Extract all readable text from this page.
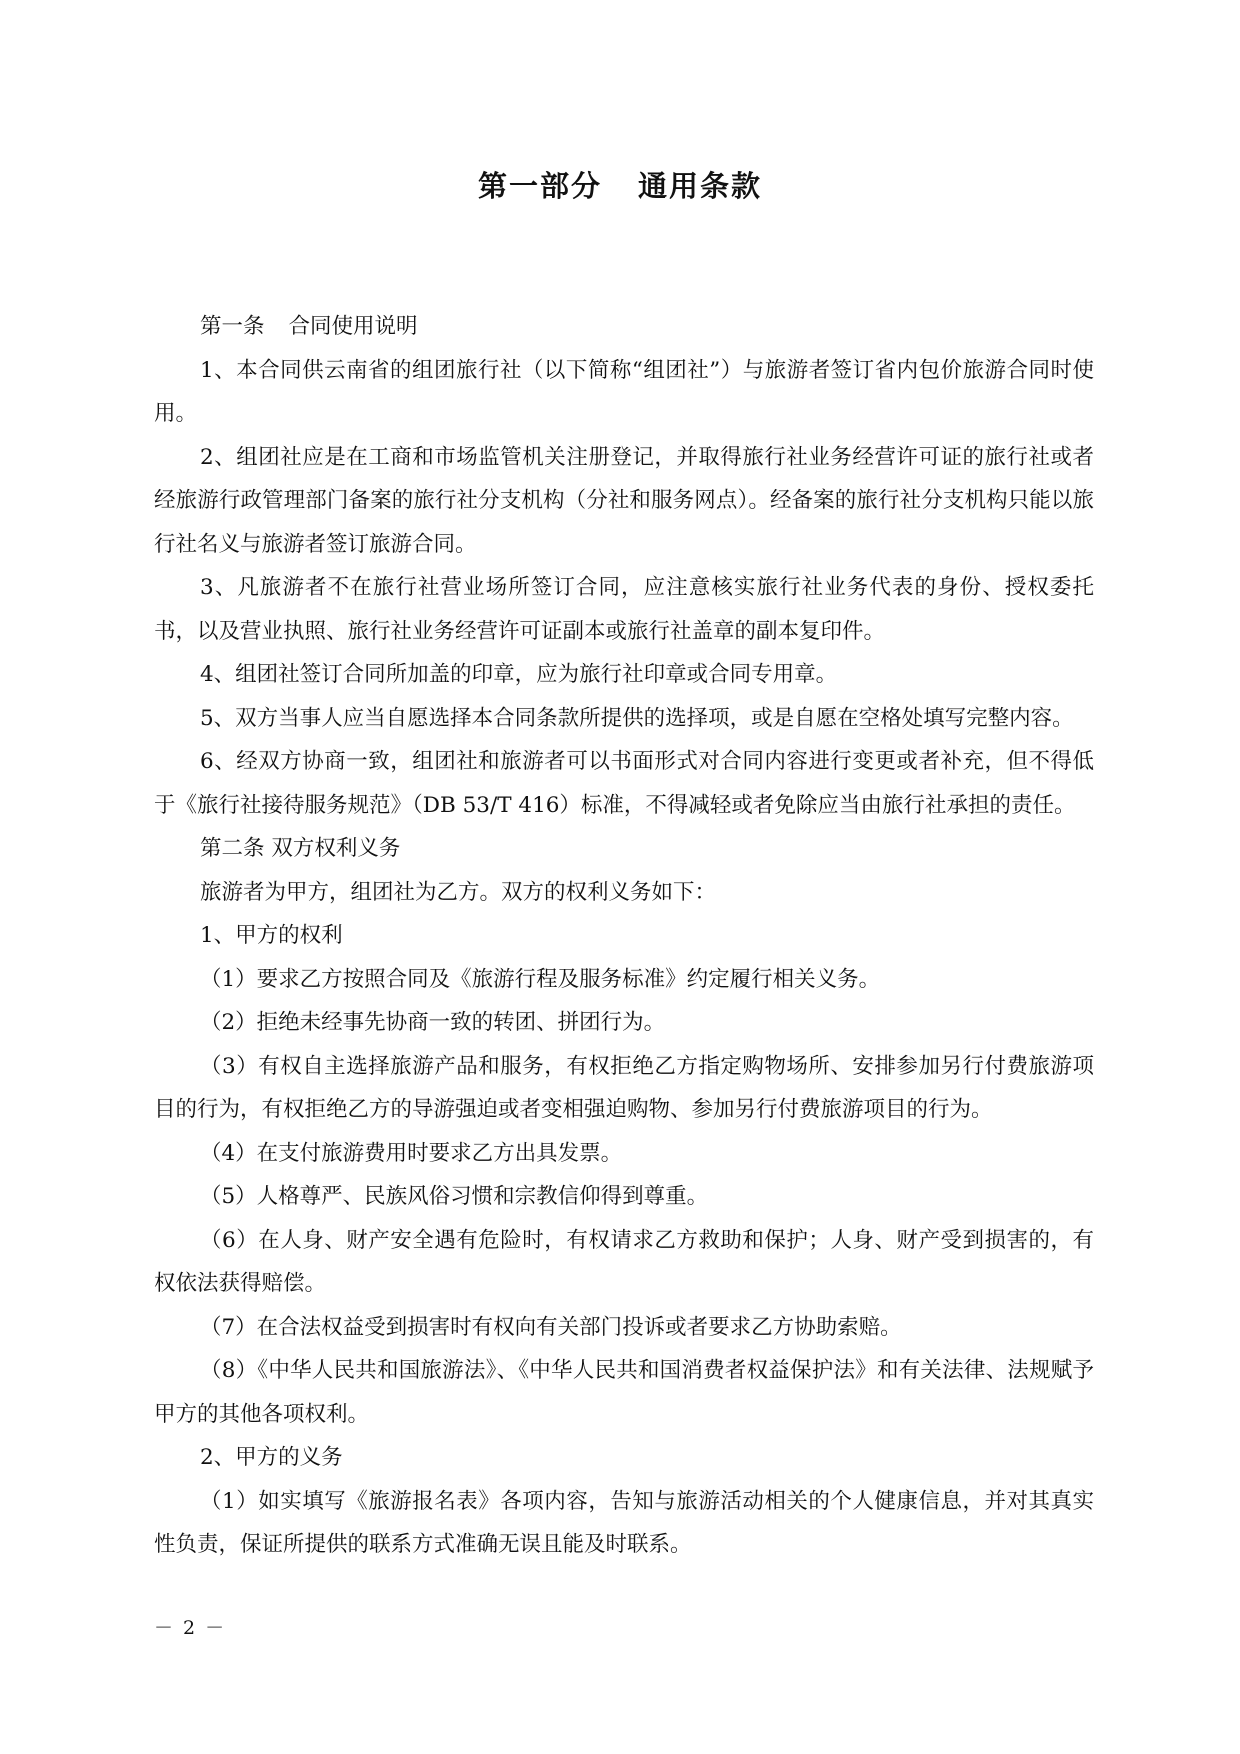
第一部分 通用条款

第一条 合同使用说明

1、本合同供云南省的组团旅行社（以下简称“组团社”）与旅游者签订省内包价旅游合同时使用。

2、组团社应是在工商和市场监管机关注册登记，并取得旅行社业务经营许可证的旅行社或者经旅游行政管理部门备案的旅行社分支机构（分社和服务网点）。经备案的旅行社分支机构只能以旅行社名义与旅游者签订旅游合同。

3、凡旅游者不在旅行社营业场所签订合同，应注意核实旅行社业务代表的身份、授权委托书，以及营业执照、旅行社业务经营许可证副本或旅行社盖章的副本复印件。

4、组团社签订合同所加盖的印章，应为旅行社印章或合同专用章。

5、双方当事人应当自愿选择本合同条款所提供的选择项，或是自愿在空格处填写完整内容。

6、经双方协商一致，组团社和旅游者可以书面形式对合同内容进行变更或者补充，但不得低于《旅行社接待服务规范》（DB 53/T 416）标准，不得减轻或者免除应当由旅行社承担的责任。

第二条 双方权利义务

旅游者为甲方，组团社为乙方。双方的权利义务如下：

1、甲方的权利

（1）要求乙方按照合同及《旅游行程及服务标准》约定履行相关义务。

（2）拒绝未经事先协商一致的转团、拼团行为。

（3）有权自主选择旅游产品和服务，有权拒绝乙方指定购物场所、安排参加另行付费旅游项目的行为，有权拒绝乙方的导游强迫或者变相强迫购物、参加另行付费旅游项目的行为。

（4）在支付旅游费用时要求乙方出具发票。

（5）人格尊严、民族风俗习惯和宗教信仰得到尊重。

（6）在人身、财产安全遇有危险时，有权请求乙方救助和保护；人身、财产受到损害的，有权依法获得赔偿。

（7）在合法权益受到损害时有权向有关部门投诉或者要求乙方协助索赔。

（8）《中华人民共和国旅游法》、《中华人民共和国消费者权益保护法》和有关法律、法规赋予甲方的其他各项权利。

2、甲方的义务

（1）如实填写《旅游报名表》各项内容，告知与旅游活动相关的个人健康信息，并对其真实性负责，保证所提供的联系方式准确无误且能及时联系。

－ 2 －
